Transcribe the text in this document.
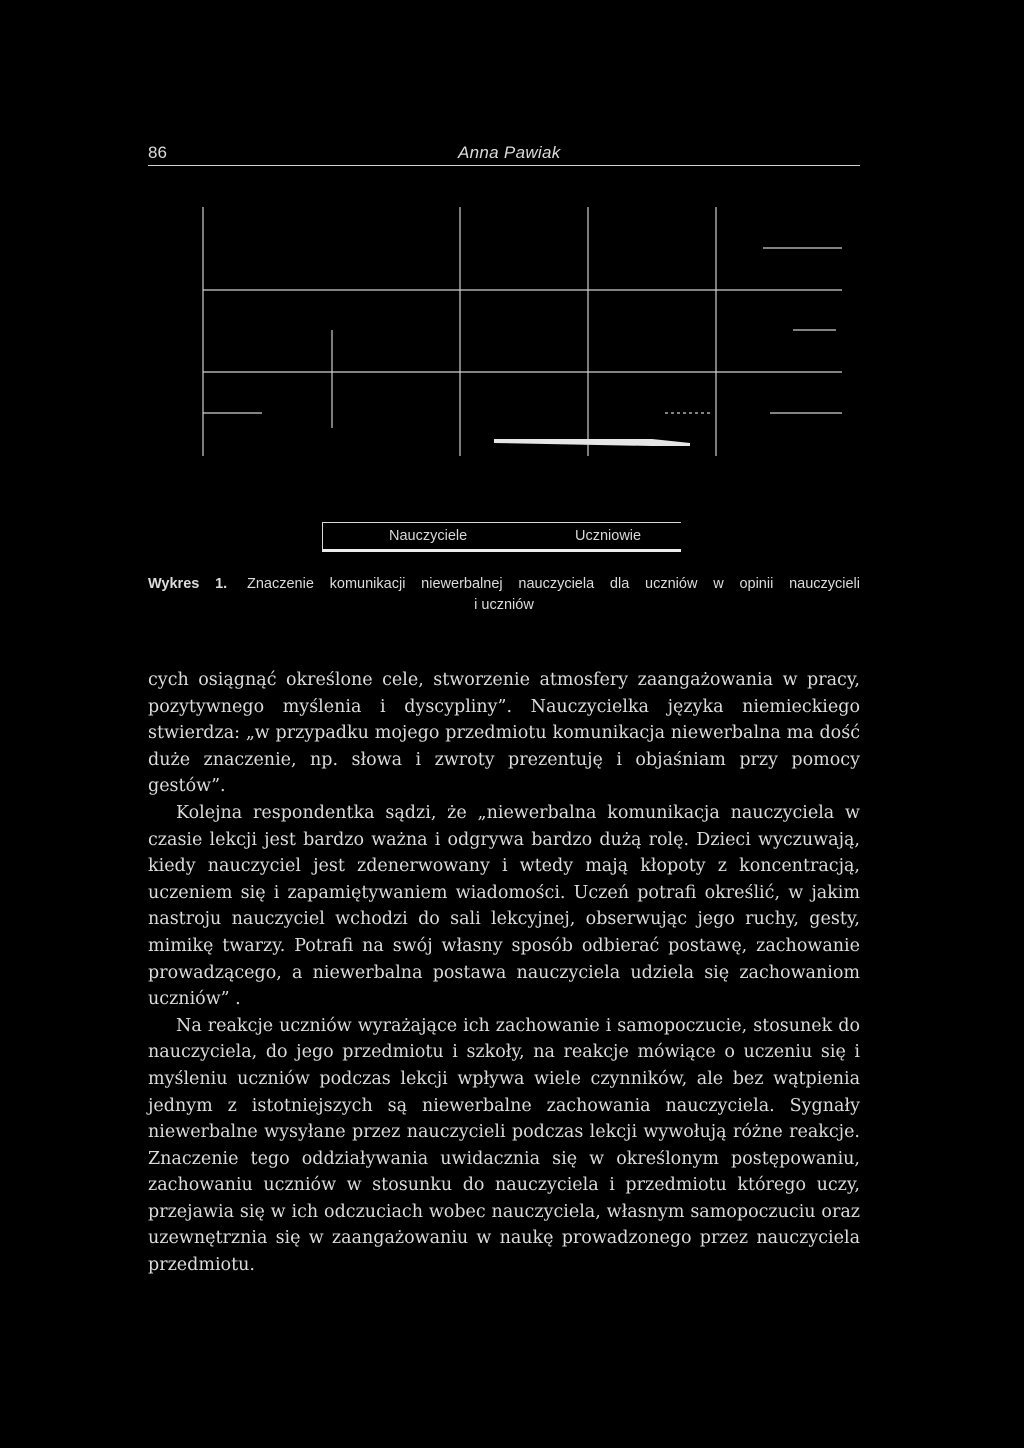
86	Anna Pawiak
Nauczyciele	Uczniowie
Wykres 1. Znaczenie komunikacji niewerbalnej nauczyciela dla uczniów w opinii nauczycieli
i uczniów

cych osiągnąć określone cele, stworzenie atmosfery zaangażowania w pracy, pozytywnego myślenia i dyscypliny”. Nauczycielka języka niemieckiego stwierdza: „w przypadku mojego przedmiotu komunikacja niewerbalna ma dość duże znaczenie, np. słowa i zwroty prezentuję i objaśniam przy pomocy gestów”.

Kolejna respondentka sądzi, że „niewerbalna komunikacja nauczyciela w czasie lekcji jest bardzo ważna i odgrywa bardzo dużą rolę. Dzieci wyczuwają, kiedy nauczyciel jest zdenerwowany i wtedy mają kłopoty z koncentracją, uczeniem się i zapamiętywaniem wiadomości. Uczeń potrafi określić, w jakim nastroju nauczyciel wchodzi do sali lekcyjnej, obserwując jego ruchy, gesty, mimikę twarzy. Potrafi na swój własny sposób odbierać postawę, zachowanie prowadzącego, a niewerbalna postawa nauczyciela udziela się zachowaniom uczniów” .

Na reakcje uczniów wyrażające ich zachowanie i samopoczucie, stosunek do nauczyciela, do jego przedmiotu i szkoły, na reakcje mówiące o uczeniu się i myśleniu uczniów podczas lekcji wpływa wiele czynników, ale bez wątpienia jednym z istotniejszych są niewerbalne zachowania nauczyciela. Sygnały niewerbalne wysyłane przez nauczycieli podczas lekcji wywołują różne reakcje. Znaczenie tego oddziaływania uwidacznia się w określonym postępowaniu, zachowaniu uczniów w stosunku do nauczyciela i przedmiotu którego uczy, przejawia się w ich odczuciach wobec nauczyciela, własnym samopoczuciu oraz uzewnętrznia się w zaangażowaniu w naukę prowadzonego przez nauczyciela przedmiotu.
